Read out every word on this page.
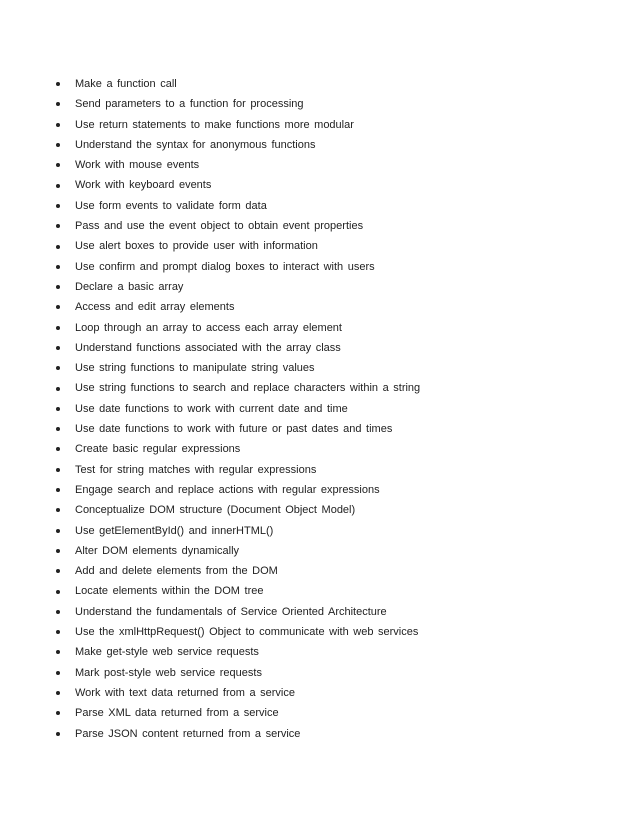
Make a function call
Send parameters to a function for processing
Use return statements to make functions more modular
Understand the syntax for anonymous functions
Work with mouse events
Work with keyboard events
Use form events to validate form data
Pass and use the event object to obtain event properties
Use alert boxes to provide user with information
Use confirm and prompt dialog boxes to interact with users
Declare a basic array
Access and edit array elements
Loop through an array to access each array element
Understand functions associated with the array class
Use string functions to manipulate string values
Use string functions to search and replace characters within a string
Use date functions to work with current date and time
Use date functions to work with future or past dates and times
Create basic regular expressions
Test for string matches with regular expressions
Engage search and replace actions with regular expressions
Conceptualize DOM structure (Document Object Model)
Use getElementById() and innerHTML()
Alter DOM elements dynamically
Add and delete elements from the DOM
Locate elements within the DOM tree
Understand the fundamentals of Service Oriented Architecture
Use the xmlHttpRequest() Object to communicate with web services
Make get-style web service requests
Mark post-style web service requests
Work with text data returned from a service
Parse XML data returned from a service
Parse JSON content returned from a service
